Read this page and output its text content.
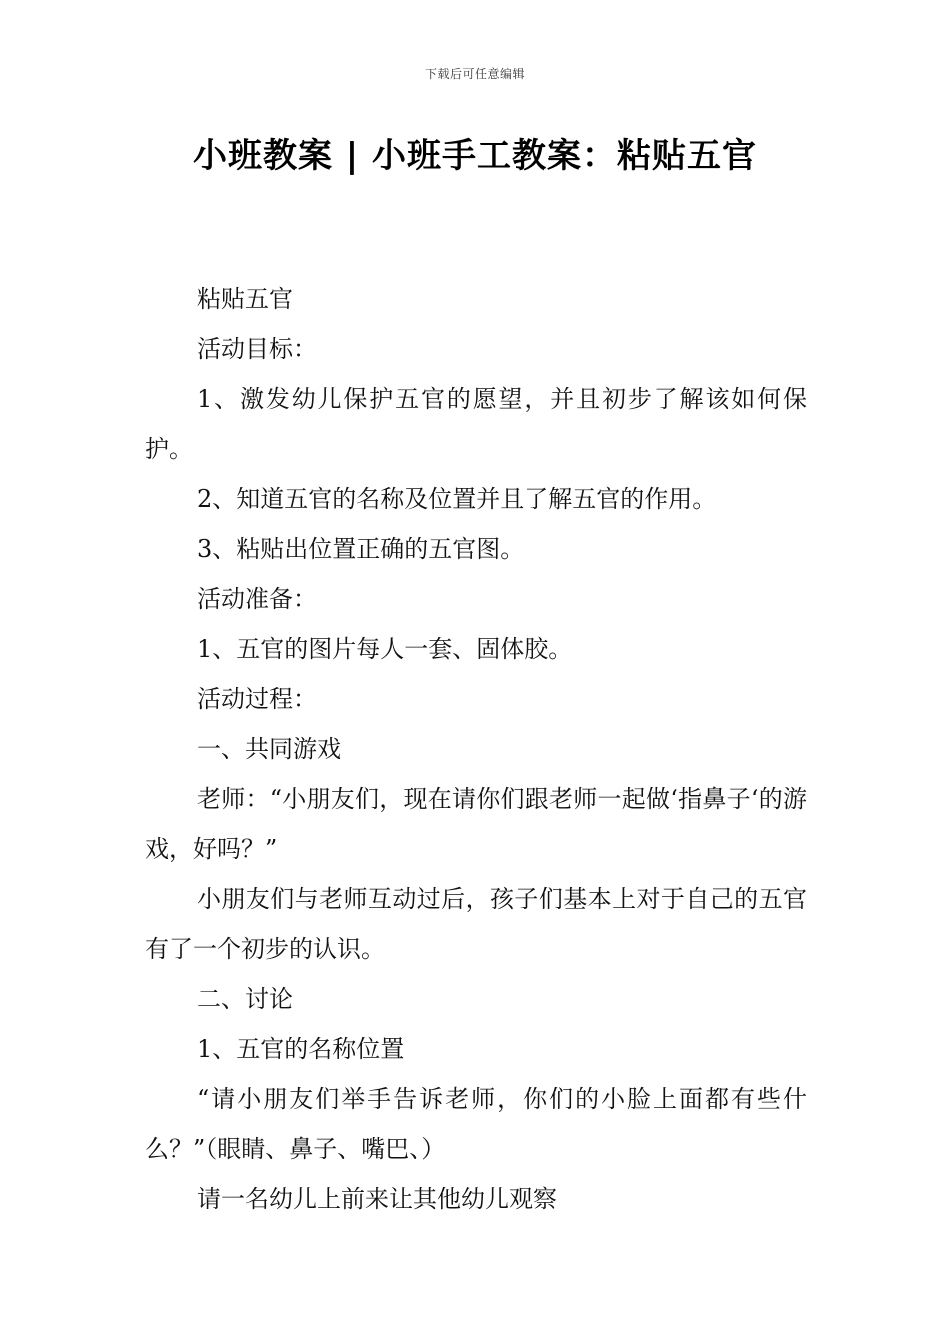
下载后可任意编辑
小班教案 | 小班手工教案：粘贴五官

粘贴五官

活动目标：

1、激发幼儿保护五官的愿望，并且初步了解该如何保护。

2、知道五官的名称及位置并且了解五官的作用。

3、粘贴出位置正确的五官图。

活动准备：

1、五官的图片每人一套、固体胶。

活动过程：

一、共同游戏

老师：“小朋友们，现在请你们跟老师一起做‘指鼻子‘的游戏，好吗？”

小朋友们与老师互动过后，孩子们基本上对于自己的五官有了一个初步的认识。

二、讨论

1、五官的名称位置

“请小朋友们举手告诉老师，你们的小脸上面都有些什么？”（眼睛、鼻子、嘴巴、）

请一名幼儿上前来让其他幼儿观察
